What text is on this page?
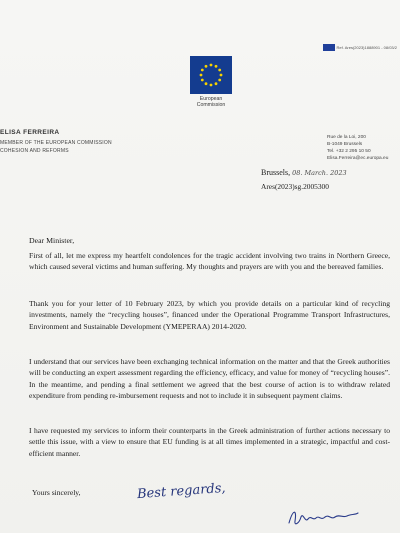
Ref. Ares(2023)1888901 - 08/03/2
European
Commission
ELISA FERREIRA
MEMBER OF THE EUROPEAN COMMISSION
COHESION AND REFORMS
Rue de la Loi, 200
B-1049 Brussels
Tel. +32 2 295 10 50
Elisa.Ferreira@ec.europa.eu
Brussels, 08. March. 2023
Ares(2023)sg.2005300
Dear Minister,
First of all, let me express my heartfelt condolences for the tragic accident involving two trains in Northern Greece, which caused several victims and human suffering. My thoughts and prayers are with you and the bereaved families.
Thank you for your letter of 10 February 2023, by which you provide details on a particular kind of recycling investments, namely the “recycling houses”, financed under the Operational Programme Transport Infrastructures, Environment and Sustainable Development (YMEPERAA) 2014-2020.
I understand that our services have been exchanging technical information on the matter and that the Greek authorities will be conducting an expert assessment regarding the efficiency, efficacy, and value for money of “recycling houses”. In the meantime, and pending a final settlement we agreed that the best course of action is to withdraw related expenditure from pending re-imbursement requests and not to include it in subsequent payment claims.
I have requested my services to inform their counterparts in the Greek administration of further actions necessary to settle this issue, with a view to ensure that EU funding is at all times implemented in a strategic, impactful and cost-efficient manner.
Yours sincerely,	Best regards,
